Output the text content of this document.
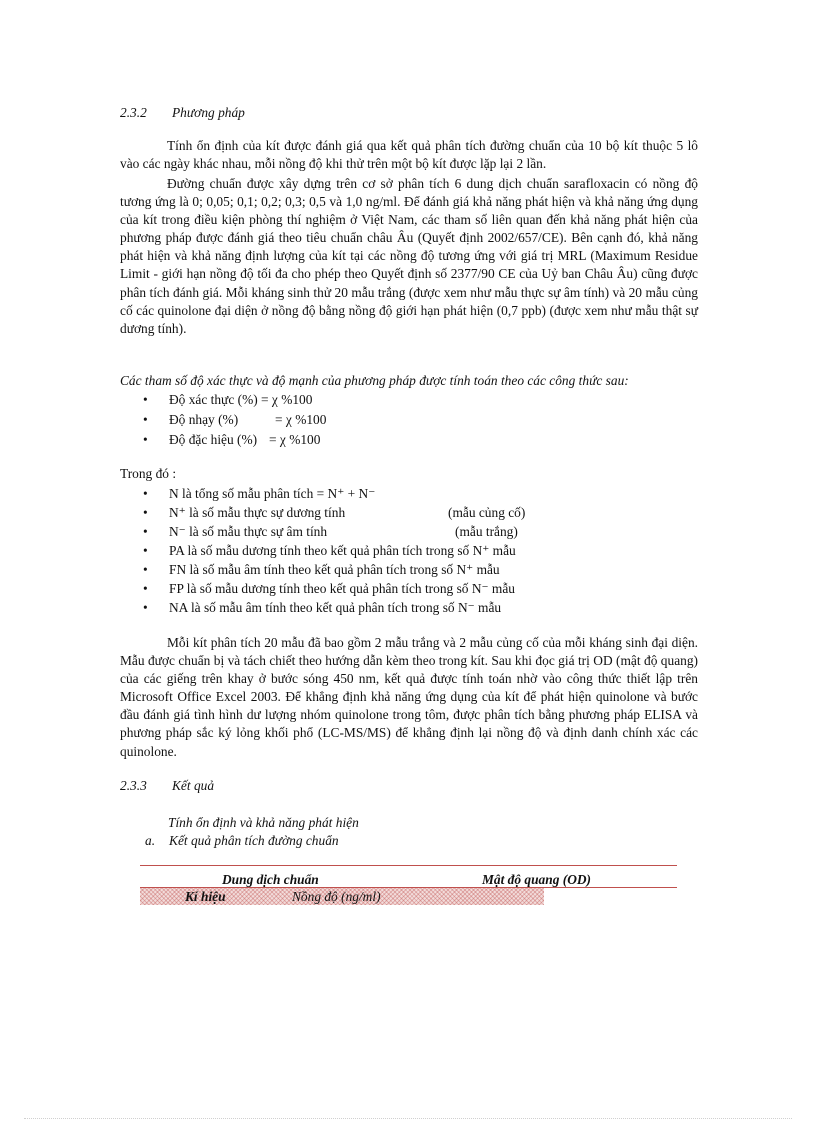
2.3.2 Phương pháp
Tính ổn định của kít được đánh giá qua kết quả phân tích đường chuẩn của 10 bộ kít thuộc 5 lô vào các ngày khác nhau, mỗi nồng độ khi thử trên một bộ kít được lặp lại 2 lần.
Đường chuẩn được xây dựng trên cơ sở phân tích 6 dung dịch chuẩn sarafloxacin có nồng độ tương ứng là 0; 0,05; 0,1; 0,2; 0,3; 0,5 và 1,0 ng/ml. Để đánh giá khả năng phát hiện và khả năng ứng dụng của kít trong điều kiện phòng thí nghiệm ở Việt Nam, các tham số liên quan đến khả năng phát hiện của phương pháp được đánh giá theo tiêu chuẩn châu Âu (Quyết định 2002/657/CE). Bên cạnh đó, khả năng phát hiện và khả năng định lượng của kít tại các nồng độ tương ứng với giá trị MRL (Maximum Residue Limit - giới hạn nồng độ tối đa cho phép theo Quyết định số 2377/90 CE của Uỷ ban Châu Âu) cũng được phân tích đánh giá. Mỗi kháng sinh thử 20 mẫu trắng (được xem như mẫu thực sự âm tính) và 20 mẫu củng cố các quinolone đại diện ở nồng độ bằng nồng độ giới hạn phát hiện (0,7 ppb) (được xem như mẫu thật sự dương tính).
Các tham số độ xác thực và độ mạnh của phương pháp được tính toán theo các công thức sau:
• Độ xác thực (%) = χ %100
• Độ nhạy (%)	= χ %100
• Độ đặc hiệu (%) = χ %100
Trong đó :
• N là tổng số mẫu phân tích = N⁺ + N⁻
• N⁺ là số mẫu thực sự dương tính	(mẫu củng cố)
• N⁻ là số mẫu thực sự âm tính	(mẫu trắng)
• PA là số mẫu dương tính theo kết quả phân tích trong số N⁺ mẫu
• FN là số mẫu âm tính theo kết quả phân tích trong số N⁺ mẫu
• FP là số mẫu dương tính theo kết quả phân tích trong số N⁻ mẫu
• NA là số mẫu âm tính theo kết quả phân tích trong số N⁻ mẫu
Mỗi kít phân tích 20 mẫu đã bao gồm 2 mẫu trắng và 2 mẫu củng cố của mỗi kháng sinh đại diện. Mẫu được chuẩn bị và tách chiết theo hướng dẫn kèm theo trong kít. Sau khi đọc giá trị OD (mật độ quang) của các giếng trên khay ở bước sóng 450 nm, kết quả được tính toán nhờ vào công thức thiết lập trên Microsoft Office Excel 2003. Để khẳng định khả năng ứng dụng của kít để phát hiện quinolone và bước đầu đánh giá tình hình dư lượng nhóm quinolone trong tôm, được phân tích bằng phương pháp ELISA và phương pháp sắc ký lỏng khối phổ (LC-MS/MS) để khẳng định lại nồng độ và định danh chính xác các quinolone.
2.3.3 Kết quả
Tính ổn định và khả năng phát hiện
a. Kết quả phân tích đường chuẩn
Dung dịch chuẩn	Mật độ quang (OD)
Kí hiệu	Nồng độ (ng/ml)
